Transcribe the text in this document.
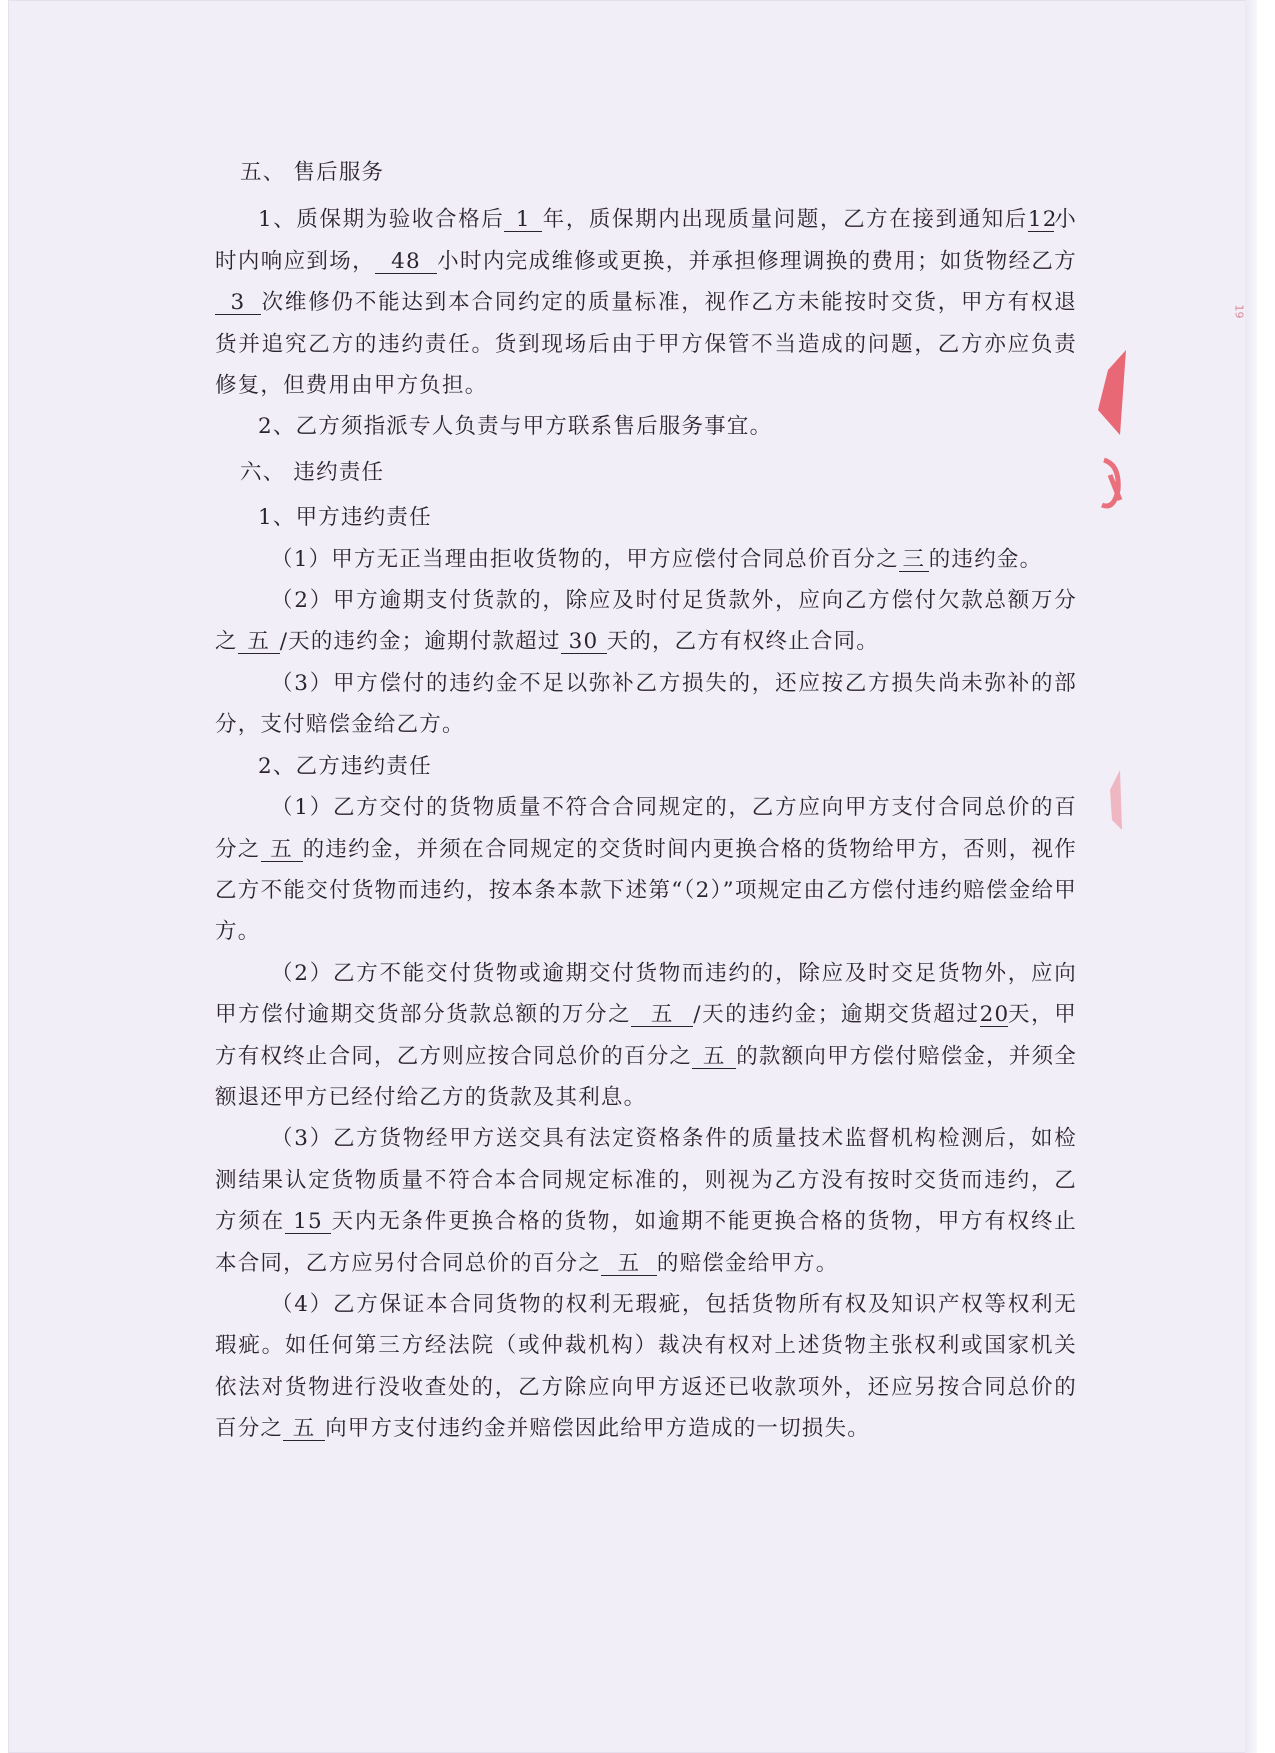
19

五、 售后服务

1、质保期为验收合格后 1 年，质保期内出现质量问题，乙方在接到通知后12小时内响应到场， 48 小时内完成维修或更换，并承担修理调换的费用；如货物经乙方3 次维修仍不能达到本合同约定的质量标准，视作乙方未能按时交货，甲方有权退货并追究乙方的违约责任。货到现场后由于甲方保管不当造成的问题，乙方亦应负责修复，但费用由甲方负担。

2、乙方须指派专人负责与甲方联系售后服务事宜。

六、 违约责任

1、甲方违约责任

（1）甲方无正当理由拒收货物的，甲方应偿付合同总价百分之 三 的违约金。

（2）甲方逾期支付货款的，除应及时付足货款外，应向乙方偿付欠款总额万分之 五 /天的违约金；逾期付款超过 30 天的，乙方有权终止合同。

（3）甲方偿付的违约金不足以弥补乙方损失的，还应按乙方损失尚未弥补的部分，支付赔偿金给乙方。

2、乙方违约责任

（1）乙方交付的货物质量不符合合同规定的，乙方应向甲方支付合同总价的百分之 五 的违约金，并须在合同规定的交货时间内更换合格的货物给甲方，否则，视作乙方不能交付货物而违约，按本条本款下述第“（2）”项规定由乙方偿付违约赔偿金给甲方。

（2）乙方不能交付货物或逾期交付货物而违约的，除应及时交足货物外，应向甲方偿付逾期交货部分货款总额的万分之 五 /天的违约金；逾期交货超过20天，甲方有权终止合同，乙方则应按合同总价的百分之 五 的款额向甲方偿付赔偿金，并须全额退还甲方已经付给乙方的货款及其利息。

（3）乙方货物经甲方送交具有法定资格条件的质量技术监督机构检测后，如检测结果认定货物质量不符合本合同规定标准的，则视为乙方没有按时交货而违约，乙方须在 15 天内无条件更换合格的货物，如逾期不能更换合格的货物，甲方有权终止本合同，乙方应另付合同总价的百分之 五 的赔偿金给甲方。

（4）乙方保证本合同货物的权利无瑕疵，包括货物所有权及知识产权等权利无瑕疵。如任何第三方经法院（或仲裁机构）裁决有权对上述货物主张权利或国家机关依法对货物进行没收查处的，乙方除应向甲方返还已收款项外，还应另按合同总价的百分之 五 向甲方支付违约金并赔偿因此给甲方造成的一切损失。
